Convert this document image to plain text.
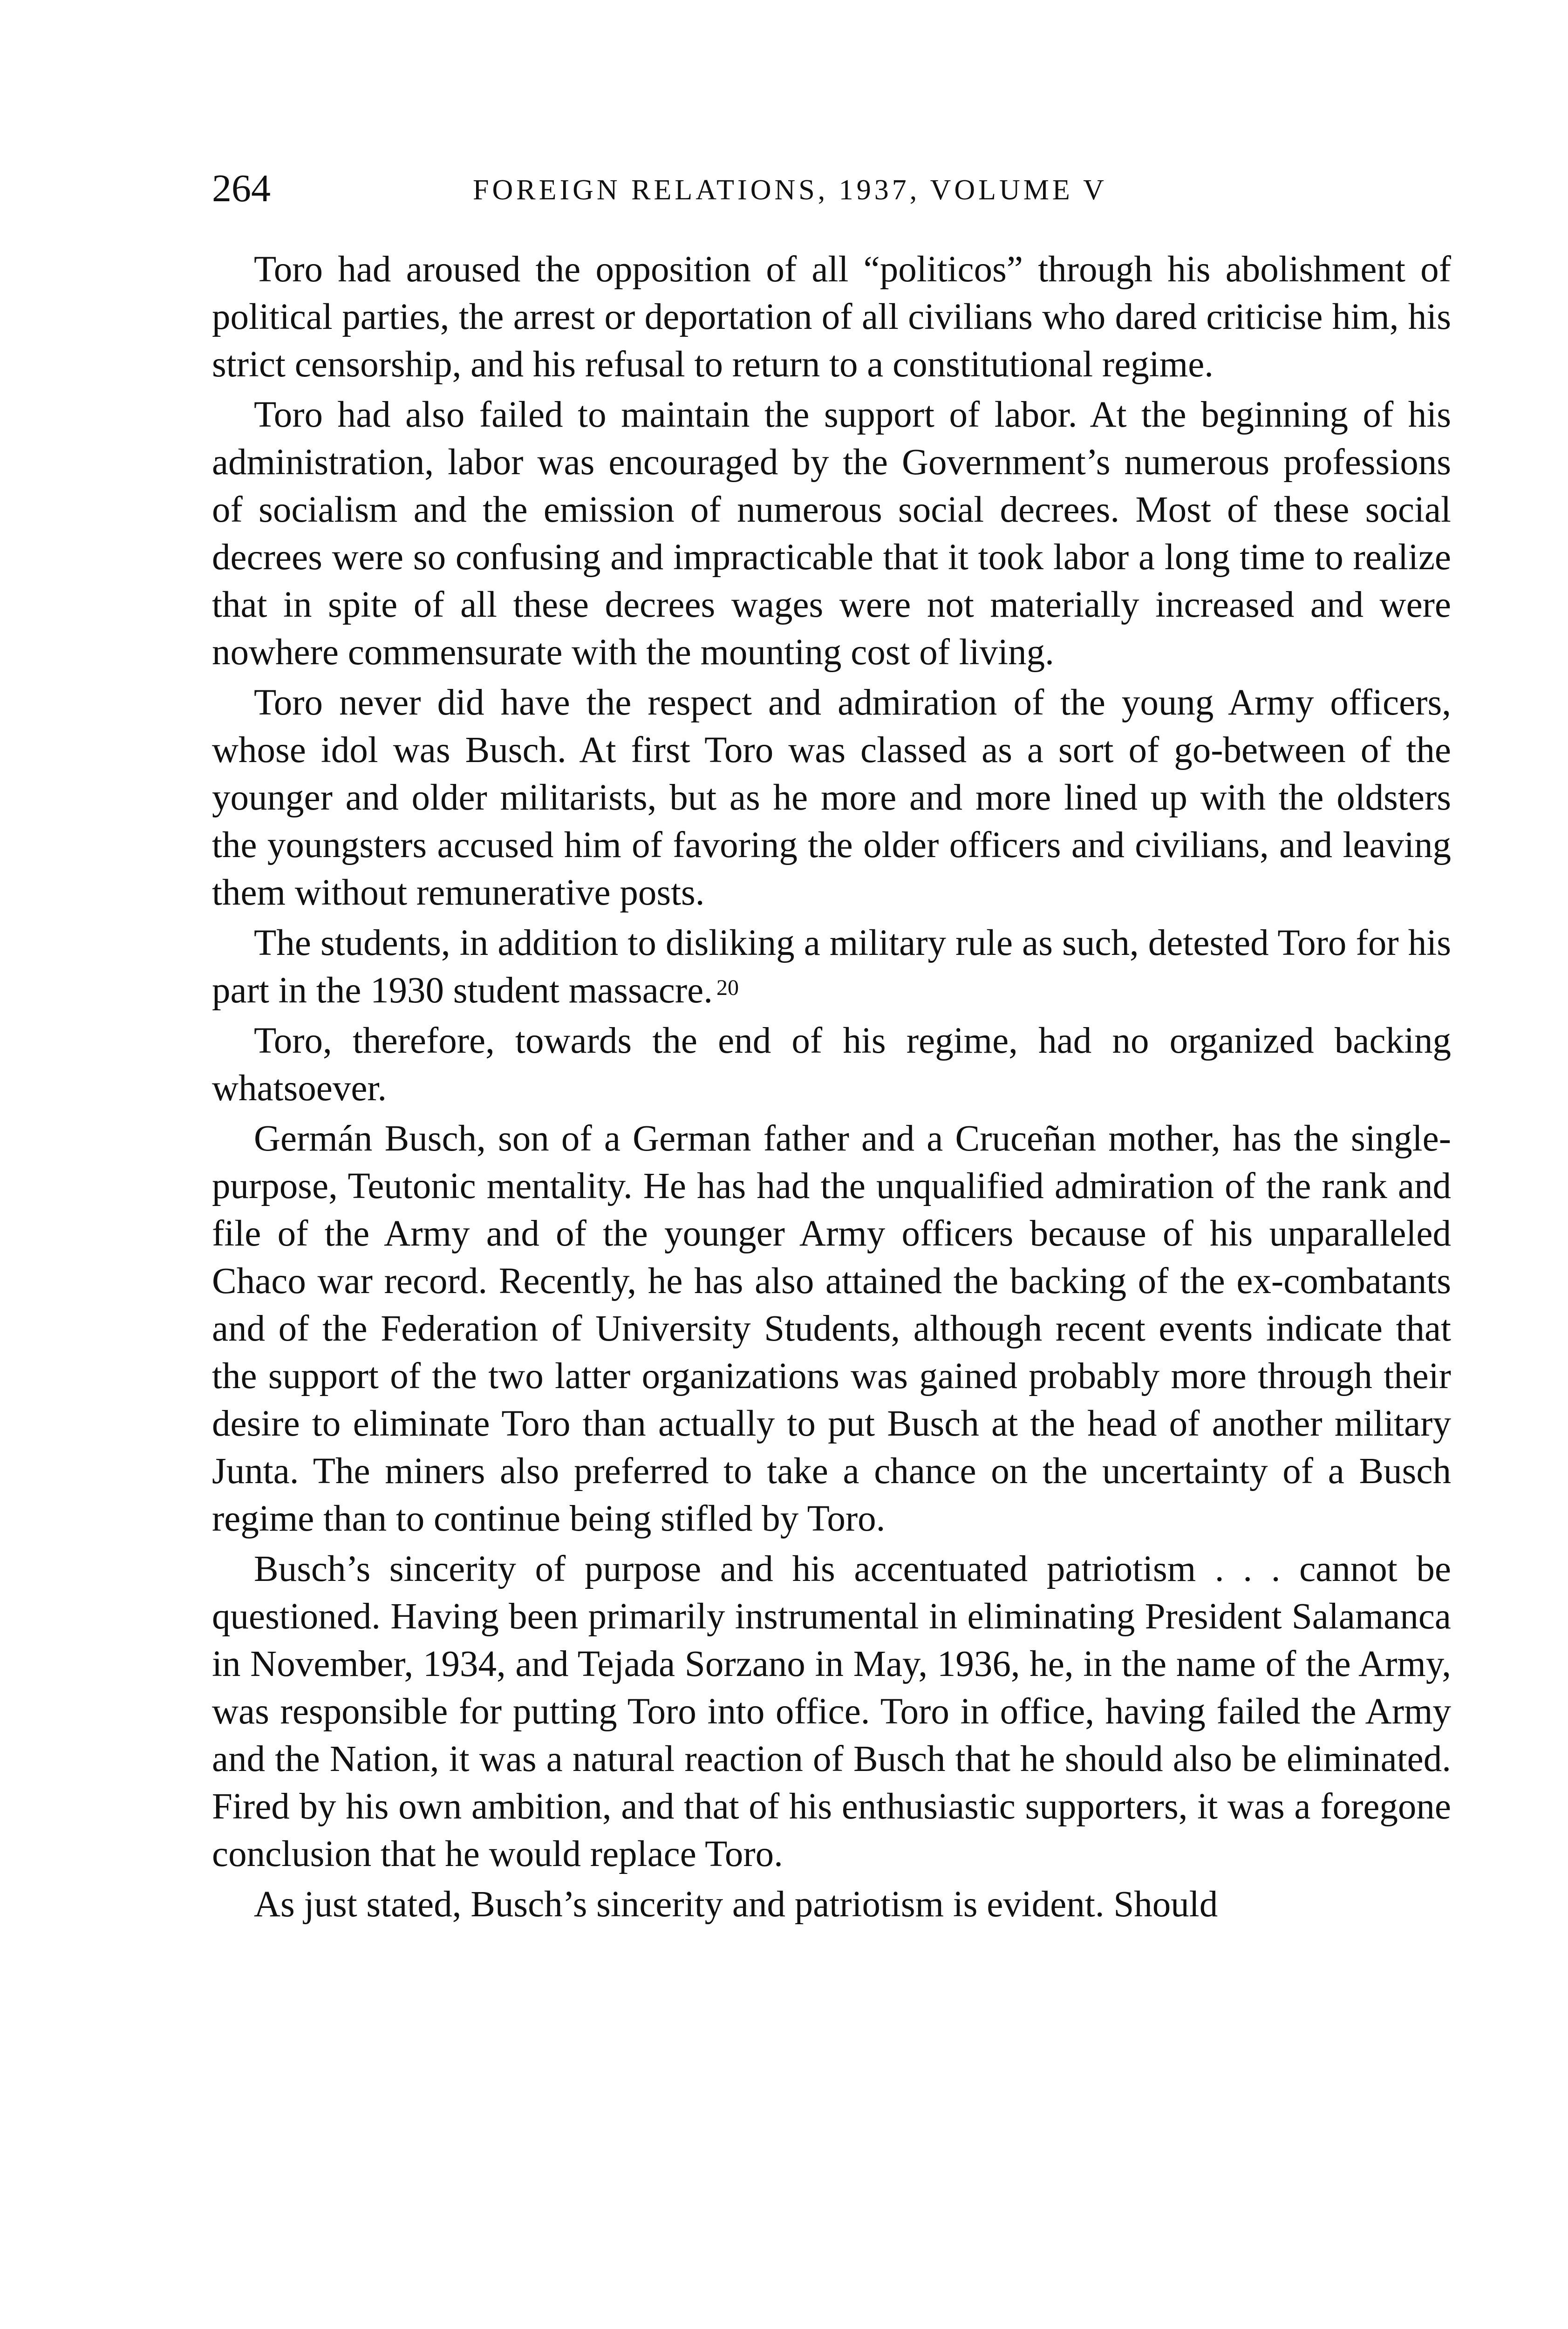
264	FOREIGN RELATIONS, 1937, VOLUME V

Toro had aroused the opposition of all “politicos” through his abolishment of political parties, the arrest or deportation of all civilians who dared criticise him, his strict censorship, and his refusal to return to a constitutional regime.

Toro had also failed to maintain the support of labor. At the beginning of his administration, labor was encouraged by the Government’s numerous professions of socialism and the emission of numerous social decrees. Most of these social decrees were so confusing and impracticable that it took labor a long time to realize that in spite of all these decrees wages were not materially increased and were nowhere commensurate with the mounting cost of living.

Toro never did have the respect and admiration of the young Army officers, whose idol was Busch. At first Toro was classed as a sort of go-between of the younger and older militarists, but as he more and more lined up with the oldsters the youngsters accused him of favoring the older officers and civilians, and leaving them without remunerative posts.

The students, in addition to disliking a military rule as such, detested Toro for his part in the 1930 student massacre. $^{20}$

Toro, therefore, towards the end of his regime, had no organized backing whatsoever.

Germán Busch, son of a German father and a Cruceñan mother, has the single-purpose, Teutonic mentality. He has had the unqualified admiration of the rank and file of the Army and of the younger Army officers because of his unparalleled Chaco war record. Recently, he has also attained the backing of the ex-combatants and of the Federation of University Students, although recent events indicate that the support of the two latter organizations was gained probably more through their desire to eliminate Toro than actually to put Busch at the head of another military Junta. The miners also preferred to take a chance on the uncertainty of a Busch regime than to continue being stifled by Toro.

Busch’s sincerity of purpose and his accentuated patriotism . . . cannot be questioned. Having been primarily instrumental in eliminating President Salamanca in November, 1934, and Tejada Sorzano in May, 1936, he, in the name of the Army, was responsible for putting Toro into office. Toro in office, having failed the Army and the Nation, it was a natural reaction of Busch that he should also be eliminated. Fired by his own ambition, and that of his enthusiastic supporters, it was a foregone conclusion that he would replace Toro.

As just stated, Busch’s sincerity and patriotism is evident. Should
